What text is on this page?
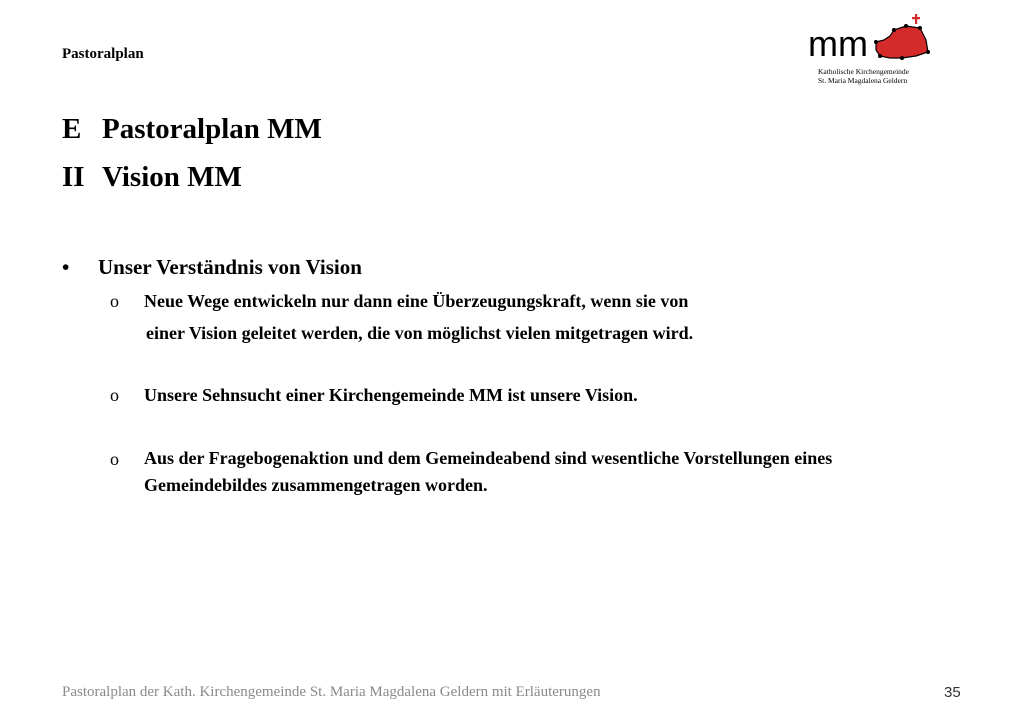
Pastoralplan	mm
Katholische Kirchengemeinde
St. Maria Magdalena Geldern
E Pastoralplan MM
II Vision MM
• Unser Verständnis von Vision
o Neue Wege entwickeln nur dann eine Überzeugungskraft, wenn sie von
einer Vision geleitet werden, die von möglichst vielen mitgetragen wird.
o Unsere Sehnsucht einer Kirchengemeinde MM ist unsere Vision.
o Aus der Fragebogenaktion und dem Gemeindeabend sind wesentliche Vorstellungen eines Gemeindebildes zusammengetragen worden.
Pastoralplan der Kath. Kirchengemeinde St. Maria Magdalena Geldern mit Erläuterungen	35
